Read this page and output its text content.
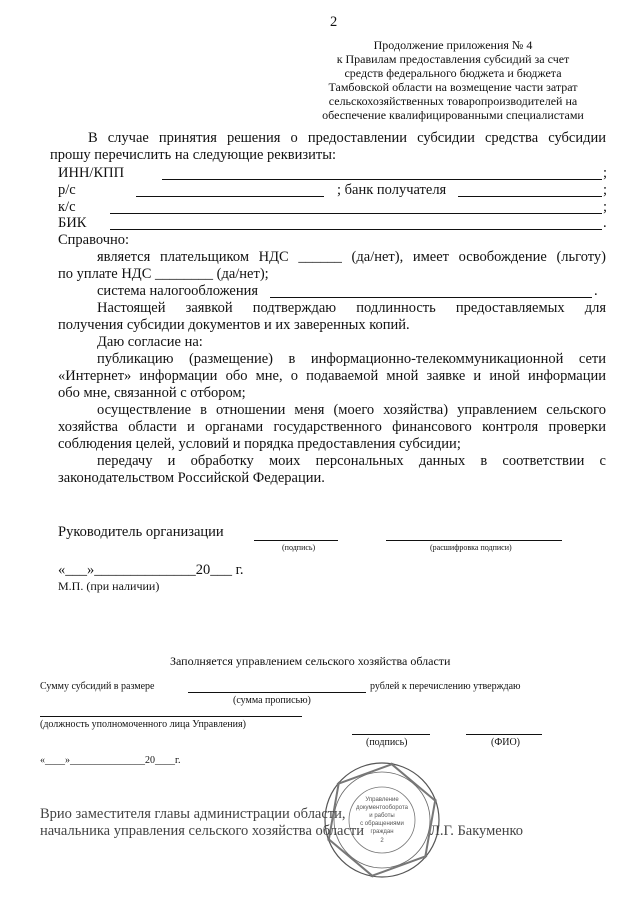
2
Продолжение приложения № 4
к Правилам предоставления субсидий за счет
средств федерального бюджета и бюджета
Тамбовской области на возмещение части затрат
сельскохозяйственных товаропроизводителей на
обеспечение квалифицированными специалистами
В случае принятия решения о предоставлении субсидии средства субсидии
прошу перечислить на следующие реквизиты:
ИНН/КПП	;
р/с	; банк получателя	;
к/с	;
БИК	.
Справочно:
является плательщиком НДС ______ (да/нет), имеет освобождение (льготу)
по уплате НДС ________ (да/нет);
система налогообложения	.
Настоящей заявкой подтверждаю подлинность предоставляемых для
получения субсидии документов и их заверенных копий.
Даю согласие на:
публикацию (размещение) в информационно-телекоммуникационной сети
«Интернет» информации обо мне, о подаваемой мной заявке и иной информации
обо мне, связанной с отбором;
осуществление в отношении меня (моего хозяйства) управлением сельского
хозяйства области и органами государственного финансового контроля проверки
соблюдения целей, условий и порядка предоставления субсидии;
передачу и обработку моих персональных данных в соответствии с
законодательством Российской Федерации.
Руководитель организации
(подпись)	(расшифровка подписи)
«___»______________20___ г.
М.П. (при наличии)
Заполняется управлением сельского хозяйства области
Сумму субсидий в размере	рублей к перечислению утверждаю
(сумма прописью)
(должность уполномоченного лица Управления)
(подпись)	(ФИО)
«____»_______________20____г.
Управление
документооборота
и работы
с обращениями
граждан
2
Врио заместителя главы администрации области,
начальника управления сельского хозяйства области	Л.Г. Бакуменко
